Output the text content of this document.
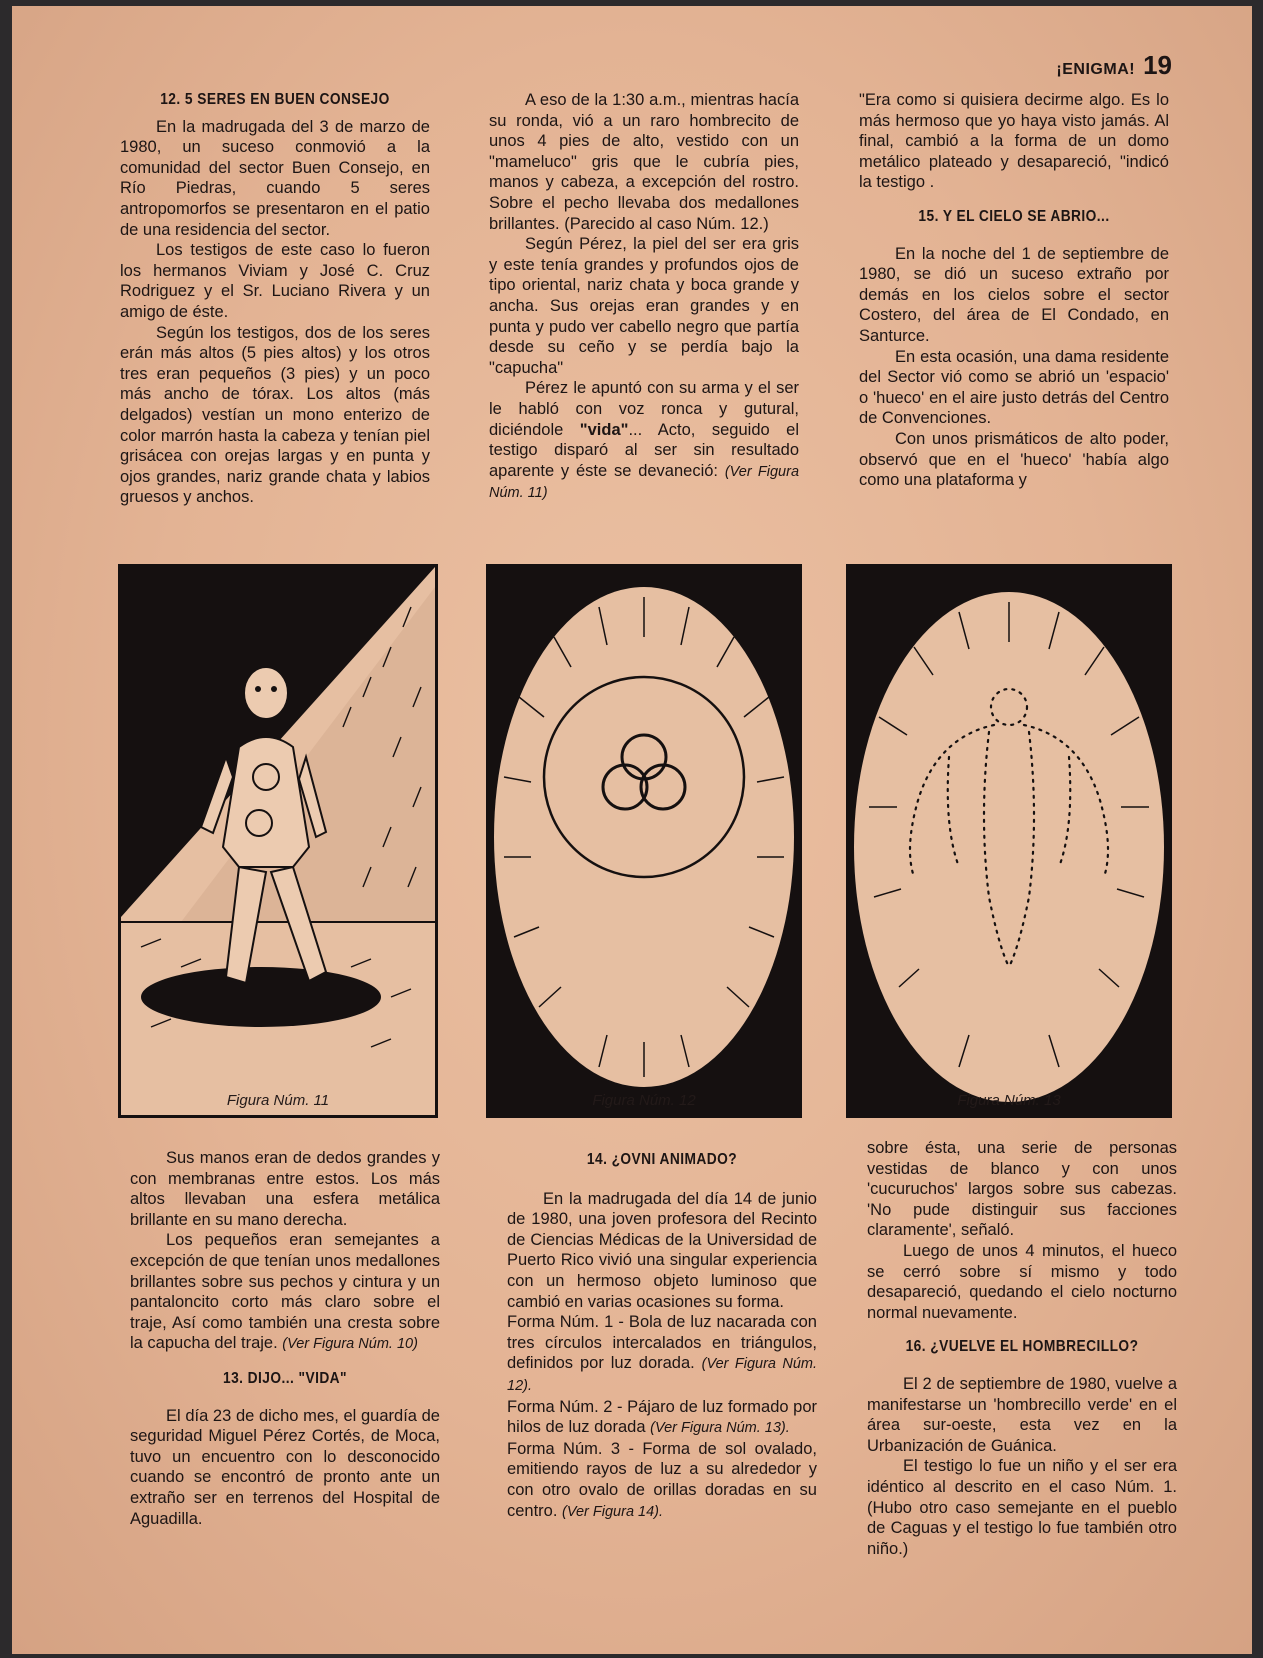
¡ENIGMA! 19
12. 5 SERES EN BUEN CONSEJO

En la madrugada del 3 de marzo de 1980, un suceso conmovió a la comunidad del sector Buen Consejo, en Río Piedras, cuando 5 seres antropomorfos se presentaron en el patio de una residencia del sector.

Los testigos de este caso lo fueron los hermanos Viviam y José C. Cruz Rodriguez y el Sr. Luciano Rivera y un amigo de éste.

Según los testigos, dos de los seres erán más altos (5 pies altos) y los otros tres eran pequeños (3 pies) y un poco más ancho de tórax. Los altos (más delgados) vestían un mono enterizo de color marrón hasta la cabeza y tenían piel grisácea con orejas largas y en punta y ojos grandes, nariz grande chata y labios gruesos y anchos.

A eso de la 1:30 a.m., mientras hacía su ronda, vió a un raro hombrecito de unos 4 pies de alto, vestido con un "mameluco" gris que le cubría pies, manos y cabeza, a excepción del rostro. Sobre el pecho llevaba dos medallones brillantes. (Parecido al caso Núm. 12.)

Según Pérez, la piel del ser era gris y este tenía grandes y profundos ojos de tipo oriental, nariz chata y boca grande y ancha. Sus orejas eran grandes y en punta y pudo ver cabello negro que partía desde su ceño y se perdía bajo la "capucha"

Pérez le apuntó con su arma y el ser le habló con voz ronca y gutural, diciéndole "vida"... Acto, seguido el testigo disparó al ser sin resultado aparente y éste se devaneció: (Ver Figura Núm. 11)

"Era como si quisiera decirme algo. Es lo más hermoso que yo haya visto jamás. Al final, cambió a la forma de un domo metálico plateado y desapareció, "indicó la testigo .

15. Y EL CIELO SE ABRIO...

En la noche del 1 de septiembre de 1980, se dió un suceso extraño por demás en los cielos sobre el sector Costero, del área de El Condado, en Santurce.

En esta ocasión, una dama residente del Sector vió como se abrió un 'espacio' o 'hueco' en el aire justo detrás del Centro de Convenciones.

Con unos prismáticos de alto poder, observó que en el 'hueco' 'había algo como una plataforma y

Figura Núm. 11	Figura Núm. 12	Figura Núm. 13

Sus manos eran de dedos grandes y con membranas entre estos. Los más altos llevaban una esfera metálica brillante en su mano derecha.

Los pequeños eran semejantes a excepción de que tenían unos medallones brillantes sobre sus pechos y cintura y un pantaloncito corto más claro sobre el traje, Así como también una cresta sobre la capucha del traje. (Ver Figura Núm. 10)

13. DIJO... "VIDA"

El día 23 de dicho mes, el guardía de seguridad Miguel Pérez Cortés, de Moca, tuvo un encuentro con lo desconocido cuando se encontró de pronto ante un extraño ser en terrenos del Hospital de Aguadilla.

14. ¿OVNI ANIMADO?

En la madrugada del día 14 de junio de 1980, una joven profesora del Recinto de Ciencias Médicas de la Universidad de Puerto Rico vivió una singular experiencia con un hermoso objeto luminoso que cambió en varias ocasiones su forma.

Forma Núm. 1 - Bola de luz nacarada con tres círculos intercalados en triángulos, definidos por luz dorada. (Ver Figura Núm. 12).

Forma Núm. 2 - Pájaro de luz formado por hilos de luz dorada (Ver Figura Núm. 13).

Forma Núm. 3 - Forma de sol ovalado, emitiendo rayos de luz a su alrededor y con otro ovalo de orillas doradas en su centro. (Ver Figura 14).

sobre ésta, una serie de personas vestidas de blanco y con unos 'cucuruchos' largos sobre sus cabezas. 'No pude distinguir sus facciones claramente', señaló.

Luego de unos 4 minutos, el hueco se cerró sobre sí mismo y todo desapareció, quedando el cielo nocturno normal nuevamente.

16. ¿VUELVE EL HOMBRECILLO?

El 2 de septiembre de 1980, vuelve a manifestarse un 'hombrecillo verde' en el área sur-oeste, esta vez en la Urbanización de Guánica.

El testigo lo fue un niño y el ser era idéntico al descrito en el caso Núm. 1. (Hubo otro caso semejante en el pueblo de Caguas y el testigo lo fue también otro niño.)
